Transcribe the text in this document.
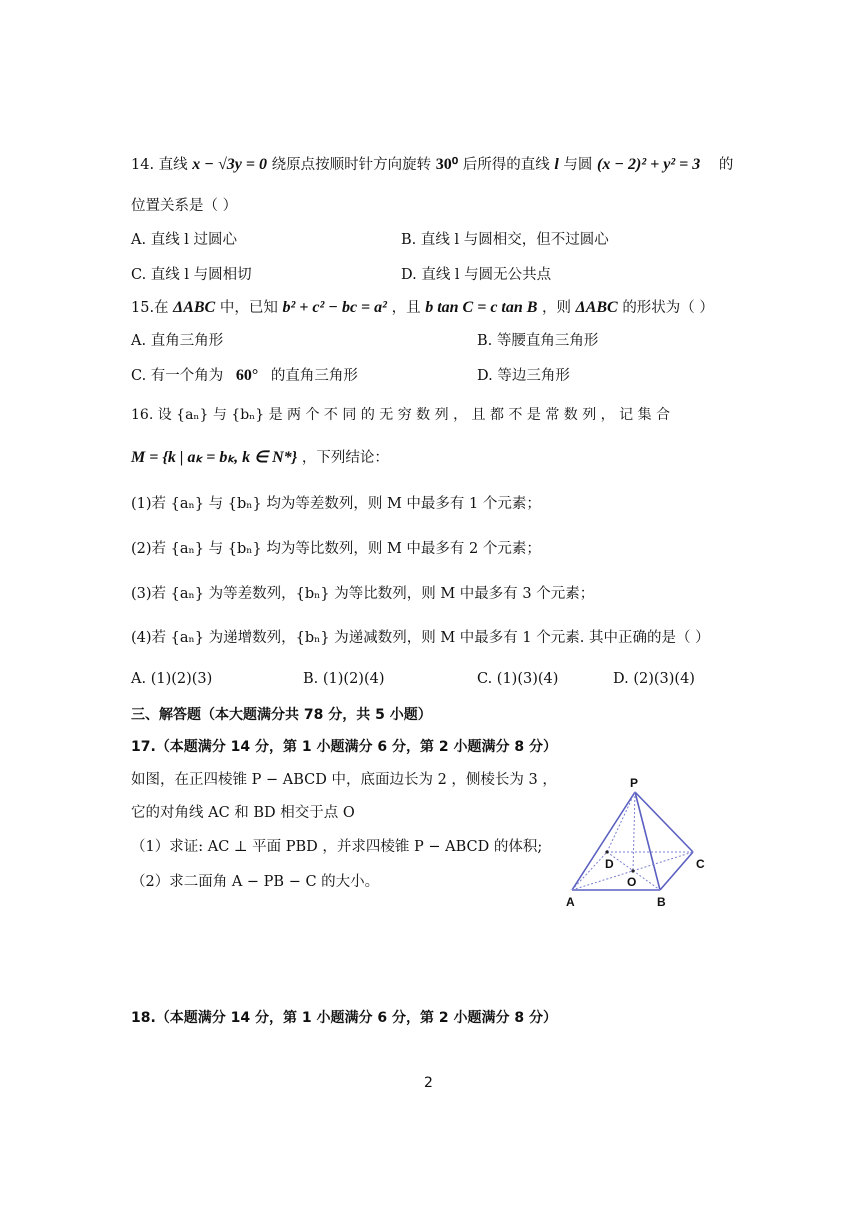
14. 直线 x − √3y = 0 绕原点按顺时针方向旋转 30⁰ 后所得的直线 l 与圆 (x − 2)² + y² = 3 的
位置关系是（ ）
A. 直线 l 过圆心	B. 直线 l 与圆相交，但不过圆心
C. 直线 l 与圆相切	D. 直线 l 与圆无公共点
15.在 ΔABC 中，已知 b² + c² − bc = a² ，且 b tan C = c tan B ，则 ΔABC 的形状为（ ）
A. 直角三角形	B. 等腰直角三角形
C. 有一个角为 60° 的直角三角形	D. 等边三角形
16. 设 {aₙ} 与 {bₙ} 是 两 个 不 同 的 无 穷 数 列 ， 且 都 不 是 常 数 列 ， 记 集 合
M = {k | aₖ = bₖ, k ∈ N*} ，下列结论：
(1)若 {aₙ} 与 {bₙ} 均为等差数列，则 M 中最多有 1 个元素；
(2)若 {aₙ} 与 {bₙ} 均为等比数列，则 M 中最多有 2 个元素；
(3)若 {aₙ} 为等差数列，{bₙ} 为等比数列，则 M 中最多有 3 个元素；
(4)若 {aₙ} 为递增数列，{bₙ} 为递减数列，则 M 中最多有 1 个元素. 其中正确的是（ ）
A. (1)(2)(3)	B. (1)(2)(4)	C. (1)(3)(4)	D. (2)(3)(4)
三、解答题（本大题满分共 78 分，共 5 小题）
17.（本题满分 14 分，第 1 小题满分 6 分，第 2 小题满分 8 分）
如图，在正四棱锥 P − ABCD 中，底面边长为 2 ，侧棱长为 3 ，
它的对角线 AC 和 BD 相交于点 O
（1）求证: AC ⊥ 平面 PBD ，并求四棱锥 P − ABCD 的体积;
（2）求二面角 A − PB − C 的大小。
P
A	B
C
D
O
18.（本题满分 14 分，第 1 小题满分 6 分，第 2 小题满分 8 分）
2
